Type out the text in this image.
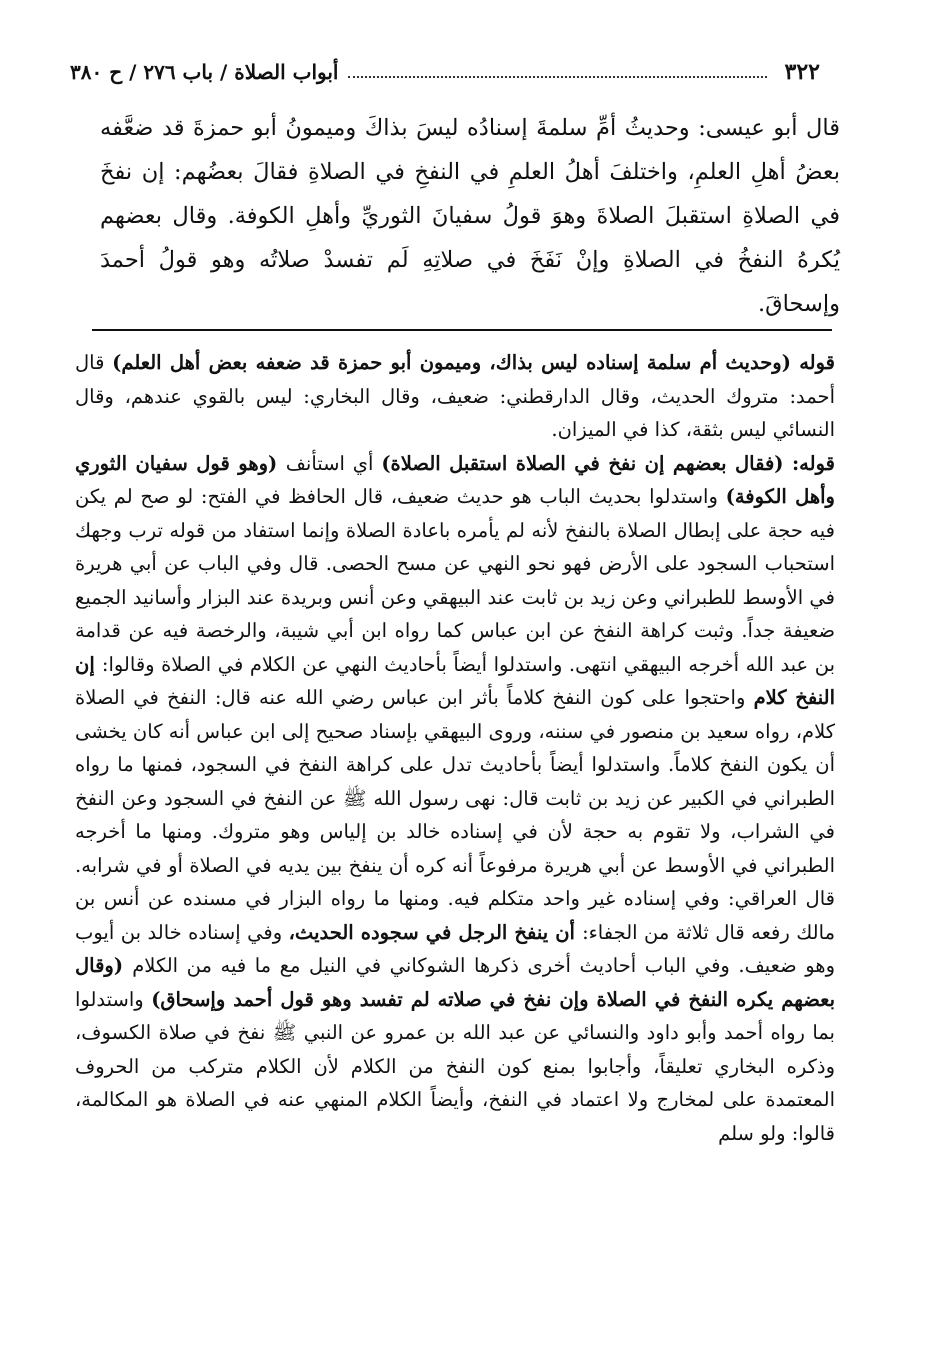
٣٢٢
أبواب الصلاة / باب ٢٧٦ / ح ٣٨٠

قال أبو عيسى: وحديثُ أمِّ سلمةَ إسنادُه ليسَ بذاكَ وميمونُ أبو حمزةَ قد ضعَّفه بعضُ أهلِ العلمِ، واختلفَ أهلُ العلمِ في النفخِ في الصلاةِ فقالَ بعضُهم: إن نفخَ في الصلاةِ استقبلَ الصلاةَ وهوَ قولُ سفيانَ الثوريِّ وأهلِ الكوفة. وقال بعضهم يُكرهُ النفخُ في الصلاةِ وإنْ نَفَخَ في صلاتِهِ لَم تفسدْ صلاتُه وهو قولُ أحمدَ وإسحاقَ.

قوله (وحديث أم سلمة إسناده ليس بذاك، وميمون أبو حمزة قد ضعفه بعض أهل العلم) قال أحمد: متروك الحديث، وقال الدارقطني: ضعيف، وقال البخاري: ليس بالقوي عندهم، وقال النسائي ليس بثقة، كذا في الميزان.

قوله: (فقال بعضهم إن نفخ في الصلاة استقبل الصلاة) أي استأنف (وهو قول سفيان الثوري وأهل الكوفة) واستدلوا بحديث الباب هو حديث ضعيف، قال الحافظ في الفتح: لو صح لم يكن فيه حجة على إبطال الصلاة بالنفخ لأنه لم يأمره باعادة الصلاة وإنما استفاد من قوله ترب وجهك استحباب السجود على الأرض فهو نحو النهي عن مسح الحصى. قال وفي الباب عن أبي هريرة في الأوسط للطبراني وعن زيد بن ثابت عند البيهقي وعن أنس وبريدة عند البزار وأسانيد الجميع ضعيفة جداً. وثبت كراهة النفخ عن ابن عباس كما رواه ابن أبي شيبة، والرخصة فيه عن قدامة بن عبد الله أخرجه البيهقي انتهى. واستدلوا أيضاً بأحاديث النهي عن الكلام في الصلاة وقالوا: إن النفخ كلام واحتجوا على كون النفخ كلاماً بأثر ابن عباس رضي الله عنه قال: النفخ في الصلاة كلام، رواه سعيد بن منصور في سننه، وروى البيهقي بإسناد صحيح إلى ابن عباس أنه كان يخشى أن يكون النفخ كلاماً. واستدلوا أيضاً بأحاديث تدل على كراهة النفخ في السجود، فمنها ما رواه الطبراني في الكبير عن زيد بن ثابت قال: نهى رسول الله ﷺ عن النفخ في السجود وعن النفخ في الشراب، ولا تقوم به حجة لأن في إسناده خالد بن إلياس وهو متروك. ومنها ما أخرجه الطبراني في الأوسط عن أبي هريرة مرفوعاً أنه كره أن ينفخ بين يديه في الصلاة أو في شرابه. قال العراقي: وفي إسناده غير واحد متكلم فيه. ومنها ما رواه البزار في مسنده عن أنس بن مالك رفعه قال ثلاثة من الجفاء: أن ينفخ الرجل في سجوده الحديث، وفي إسناده خالد بن أيوب وهو ضعيف. وفي الباب أحاديث أخرى ذكرها الشوكاني في النيل مع ما فيه من الكلام (وقال بعضهم يكره النفخ في الصلاة وإن نفخ في صلاته لم تفسد وهو قول أحمد وإسحاق) واستدلوا بما رواه أحمد وأبو داود والنسائي عن عبد الله بن عمرو عن النبي ﷺ نفخ في صلاة الكسوف، وذكره البخاري تعليقاً، وأجابوا بمنع كون النفخ من الكلام لأن الكلام متركب من الحروف المعتمدة على لمخارج ولا اعتماد في النفخ، وأيضاً الكلام المنهي عنه في الصلاة هو المكالمة، قالوا: ولو سلم
